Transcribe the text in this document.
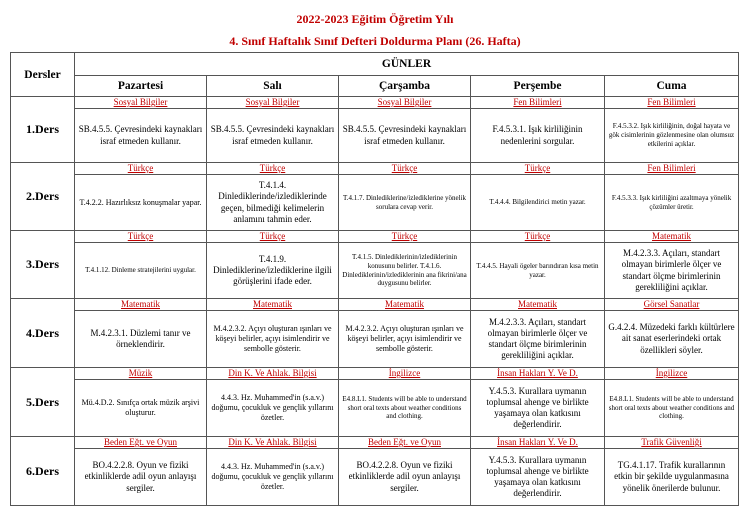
2022-2023 Eğitim Öğretim Yılı
4. Sınıf Haftalık Sınıf Defteri Doldurma Planı (26. Hafta)
Dersler	GÜNLER				
	Pazartesi	Salı	Çarşamba	Perşembe	Cuma
1.Ders	Sosyal Bilgiler	Sosyal Bilgiler	Sosyal Bilgiler	Fen Bilimleri	Fen Bilimleri

	SB.4.5.5. Çevresindeki kaynakları israf etmeden kullanır.	SB.4.5.5. Çevresindeki kaynakları israf etmeden kullanır.	SB.4.5.5. Çevresindeki kaynakları israf etmeden kullanır.	F.4.5.3.1. Işık kirliliğinin nedenlerini sorgular.	F.4.5.3.2. Işık kirliliğinin, doğal hayata ve gök cisimlerinin gözlenmesine olan olumsuz etkilerini açıklar.

2.Ders	Türkçe	Türkçe	Türkçe	Türkçe	Fen Bilimleri

	T.4.2.2. Hazırlıksız konuşmalar yapar.	T.4.1.4. Dinlediklerinde/izlediklerinde geçen, bilmediği kelimelerin anlamını tahmin eder.	T.4.1.7. Dinlediklerine/izlediklerine yönelik sorulara cevap verir.	T.4.4.4. Bilgilendirici metin yazar.	F.4.5.3.3. Işık kirliliğini azaltmaya yönelik çözümler üretir.

3.Ders	Türkçe	Türkçe	Türkçe	Türkçe	Matematik

	T.4.1.12. Dinleme stratejilerini uygular.	T.4.1.9. Dinlediklerine/izlediklerine ilgili görüşlerini ifade eder.	T.4.1.5. Dinlediklerinin/izlediklerinin konusunu belirler. T.4.1.6. Dinlediklerinin/izlediklerinin ana fikrini/ana duygusunu belirler.	T.4.4.5. Hayali ögeler barındıran kısa metin yazar.	M.4.2.3.3. Açıları, standart olmayan birimlerle ölçer ve standart ölçme birimlerinin gerekliliğini açıklar.

4.Ders	Matematik	Matematik	Matematik	Matematik	Görsel Sanatlar

	M.4.2.3.1. Düzlemi tanır ve örneklendirir.	M.4.2.3.2. Açıyı oluşturan ışınları ve köşeyi belirler, açıyı isimlendirir ve sembolle gösterir.	M.4.2.3.2. Açıyı oluşturan ışınları ve köşeyi belirler, açıyı isimlendirir ve sembolle gösterir.	M.4.2.3.3. Açıları, standart olmayan birimlerle ölçer ve standart ölçme birimlerinin gerekliliğini açıklar.	G.4.2.4. Müzedeki farklı kültürlere ait sanat eserlerindeki ortak özellikleri söyler.

5.Ders	Müzik	Din K. Ve Ahlak. Bilgisi	İngilizce	İnsan Hakları Y. Ve D.	İngilizce

	Mü.4.D.2. Sınıfça ortak müzik arşivi oluşturur.	4.4.3. Hz. Muhammed'in (s.a.v.) doğumu, çocukluk ve gençlik yıllarını özetler.	E4.8.L1. Students will be able to understand short oral texts about weather conditions and clothing.	Y.4.5.3. Kurallara uymanın toplumsal ahenge ve birlikte yaşamaya olan katkısını değerlendirir.	E4.8.L1. Students will be able to understand short oral texts about weather conditions and clothing.

6.Ders	Beden Eğt. ve Oyun	Din K. Ve Ahlak. Bilgisi	Beden Eğt. ve Oyun	İnsan Hakları Y. Ve D.	Trafik Güvenliği

	BO.4.2.2.8. Oyun ve fiziki etkinliklerde adil oyun anlayışı sergiler.	4.4.3. Hz. Muhammed'in (s.a.v.) doğumu, çocukluk ve gençlik yıllarını özetler.	BO.4.2.2.8. Oyun ve fiziki etkinliklerde adil oyun anlayışı sergiler.	Y.4.5.3. Kurallara uymanın toplumsal ahenge ve birlikte yaşamaya olan katkısını değerlendirir.	TG.4.1.17. Trafik kurallarının etkin bir şekilde uygulanmasına yönelik önerilerde bulunur.
